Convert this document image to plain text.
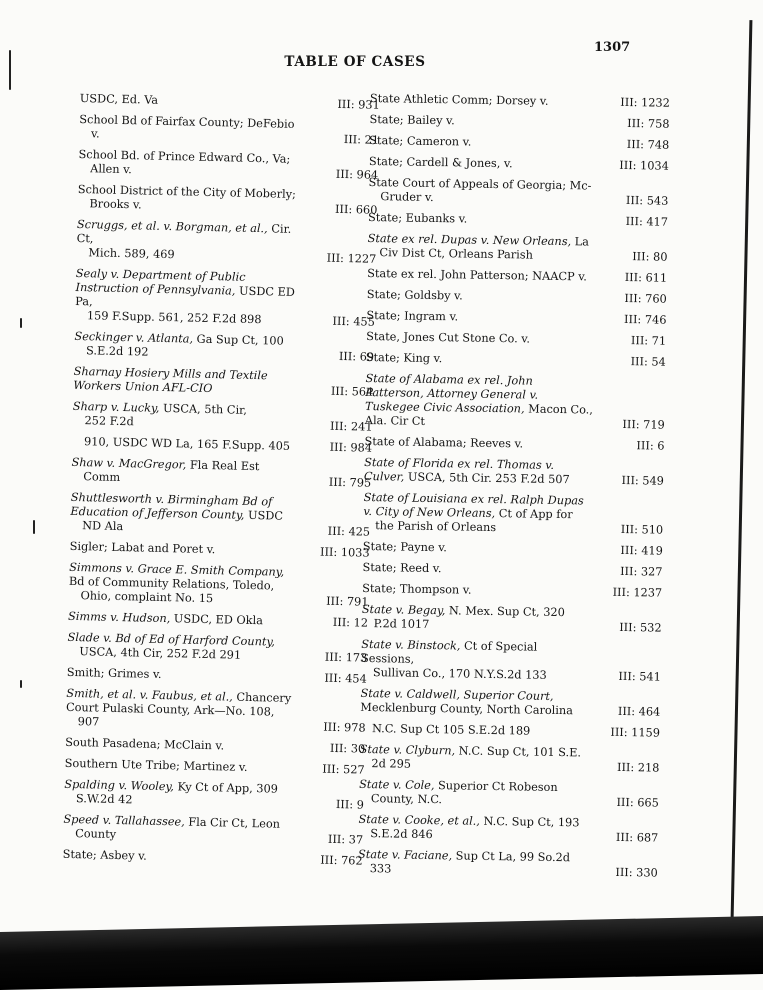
TABLE OF CASES
1307
USDC, Ed. Va	III: 931
School Bd of Fairfax County; DeFebio
v.	III: 21
School Bd. of Prince Edward Co., Va;
Allen v.	III: 964
School District of the City of Moberly;
Brooks v.	III: 660
Scruggs, et al. v. Borgman, et al., Cir. Ct,
Mich. 589, 469	III: 1227
Sealy v. Department of Public Instruction of Pennsylvania, USDC ED Pa,
159 F.Supp. 561, 252 F.2d 898	III: 455
Seckinger v. Atlanta, Ga Sup Ct, 100
S.E.2d 192	III: 69
Sharnay Hosiery Mills and Textile Workers Union AFL-CIO	III: 564
Sharp v. Lucky, USCA, 5th Cir,
252 F.2d	III: 241
910, USDC WD La, 165 F.Supp. 405	III: 984
Shaw v. MacGregor, Fla Real Est
Comm	III: 795
Shuttlesworth v. Birmingham Bd of Education of Jefferson County, USDC
ND Ala	III: 425
Sigler; Labat and Poret v.	III: 1033
Simmons v. Grace E. Smith Company, Bd of Community Relations, Toledo,
Ohio, complaint No. 15	III: 791
Simms v. Hudson, USDC, ED Okla	III: 12
Slade v. Bd of Ed of Harford County,
USCA, 4th Cir, 252 F.2d 291	III: 173
Smith; Grimes v.	III: 454
Smith, et al. v. Faubus, et al., Chancery Court Pulaski County, Ark—No. 108,
907	III: 978
South Pasadena; McClain v.	III: 30
Southern Ute Tribe; Martinez v.	III: 527
Spalding v. Wooley, Ky Ct of App, 309
S.W.2d 42	III: 9
Speed v. Tallahassee, Fla Cir Ct, Leon
County	III: 37
State; Asbey v.	III: 762
State Athletic Comm; Dorsey v.	III: 1232
State; Bailey v.	III: 758
State; Cameron v.	III: 748
State; Cardell & Jones, v.	III: 1034
State Court of Appeals of Georgia; Mc-
Gruder v.	III: 543
State; Eubanks v.	III: 417
State ex rel. Dupas v. New Orleans, La
Civ Dist Ct, Orleans Parish	III: 80
State ex rel. John Patterson; NAACP v.	III: 611
State; Goldsby v.	III: 760
State; Ingram v.	III: 746
State, Jones Cut Stone Co. v.	III: 71
State; King v.	III: 54
State of Alabama ex rel. John Patterson, Attorney General v. Tuskegee Civic Association, Macon Co., Ala. Cir Ct	III: 719
State of Alabama; Reeves v.	III: 6
State of Florida ex rel. Thomas v. Culver, USCA, 5th Cir. 253 F.2d 507	III: 549
State of Louisiana ex rel. Ralph Dupas v. City of New Orleans, Ct of App for
the Parish of Orleans	III: 510
State; Payne v.	III: 419
State; Reed v.	III: 327
State; Thompson v.	III: 1237
State v. Begay, N. Mex. Sup Ct, 320
P.2d 1017	III: 532
State v. Binstock, Ct of Special Sessions,
Sullivan Co., 170 N.Y.S.2d 133	III: 541
State v. Caldwell, Superior Court, Mecklenburg County, North Carolina	III: 464
N.C. Sup Ct 105 S.E.2d 189	III: 1159
State v. Clyburn, N.C. Sup Ct, 101 S.E.
2d 295	III: 218
State v. Cole, Superior Ct Robeson
County, N.C.	III: 665
State v. Cooke, et al., N.C. Sup Ct, 193
S.E.2d 846	III: 687
State v. Faciane, Sup Ct La, 99 So.2d
333	III: 330
